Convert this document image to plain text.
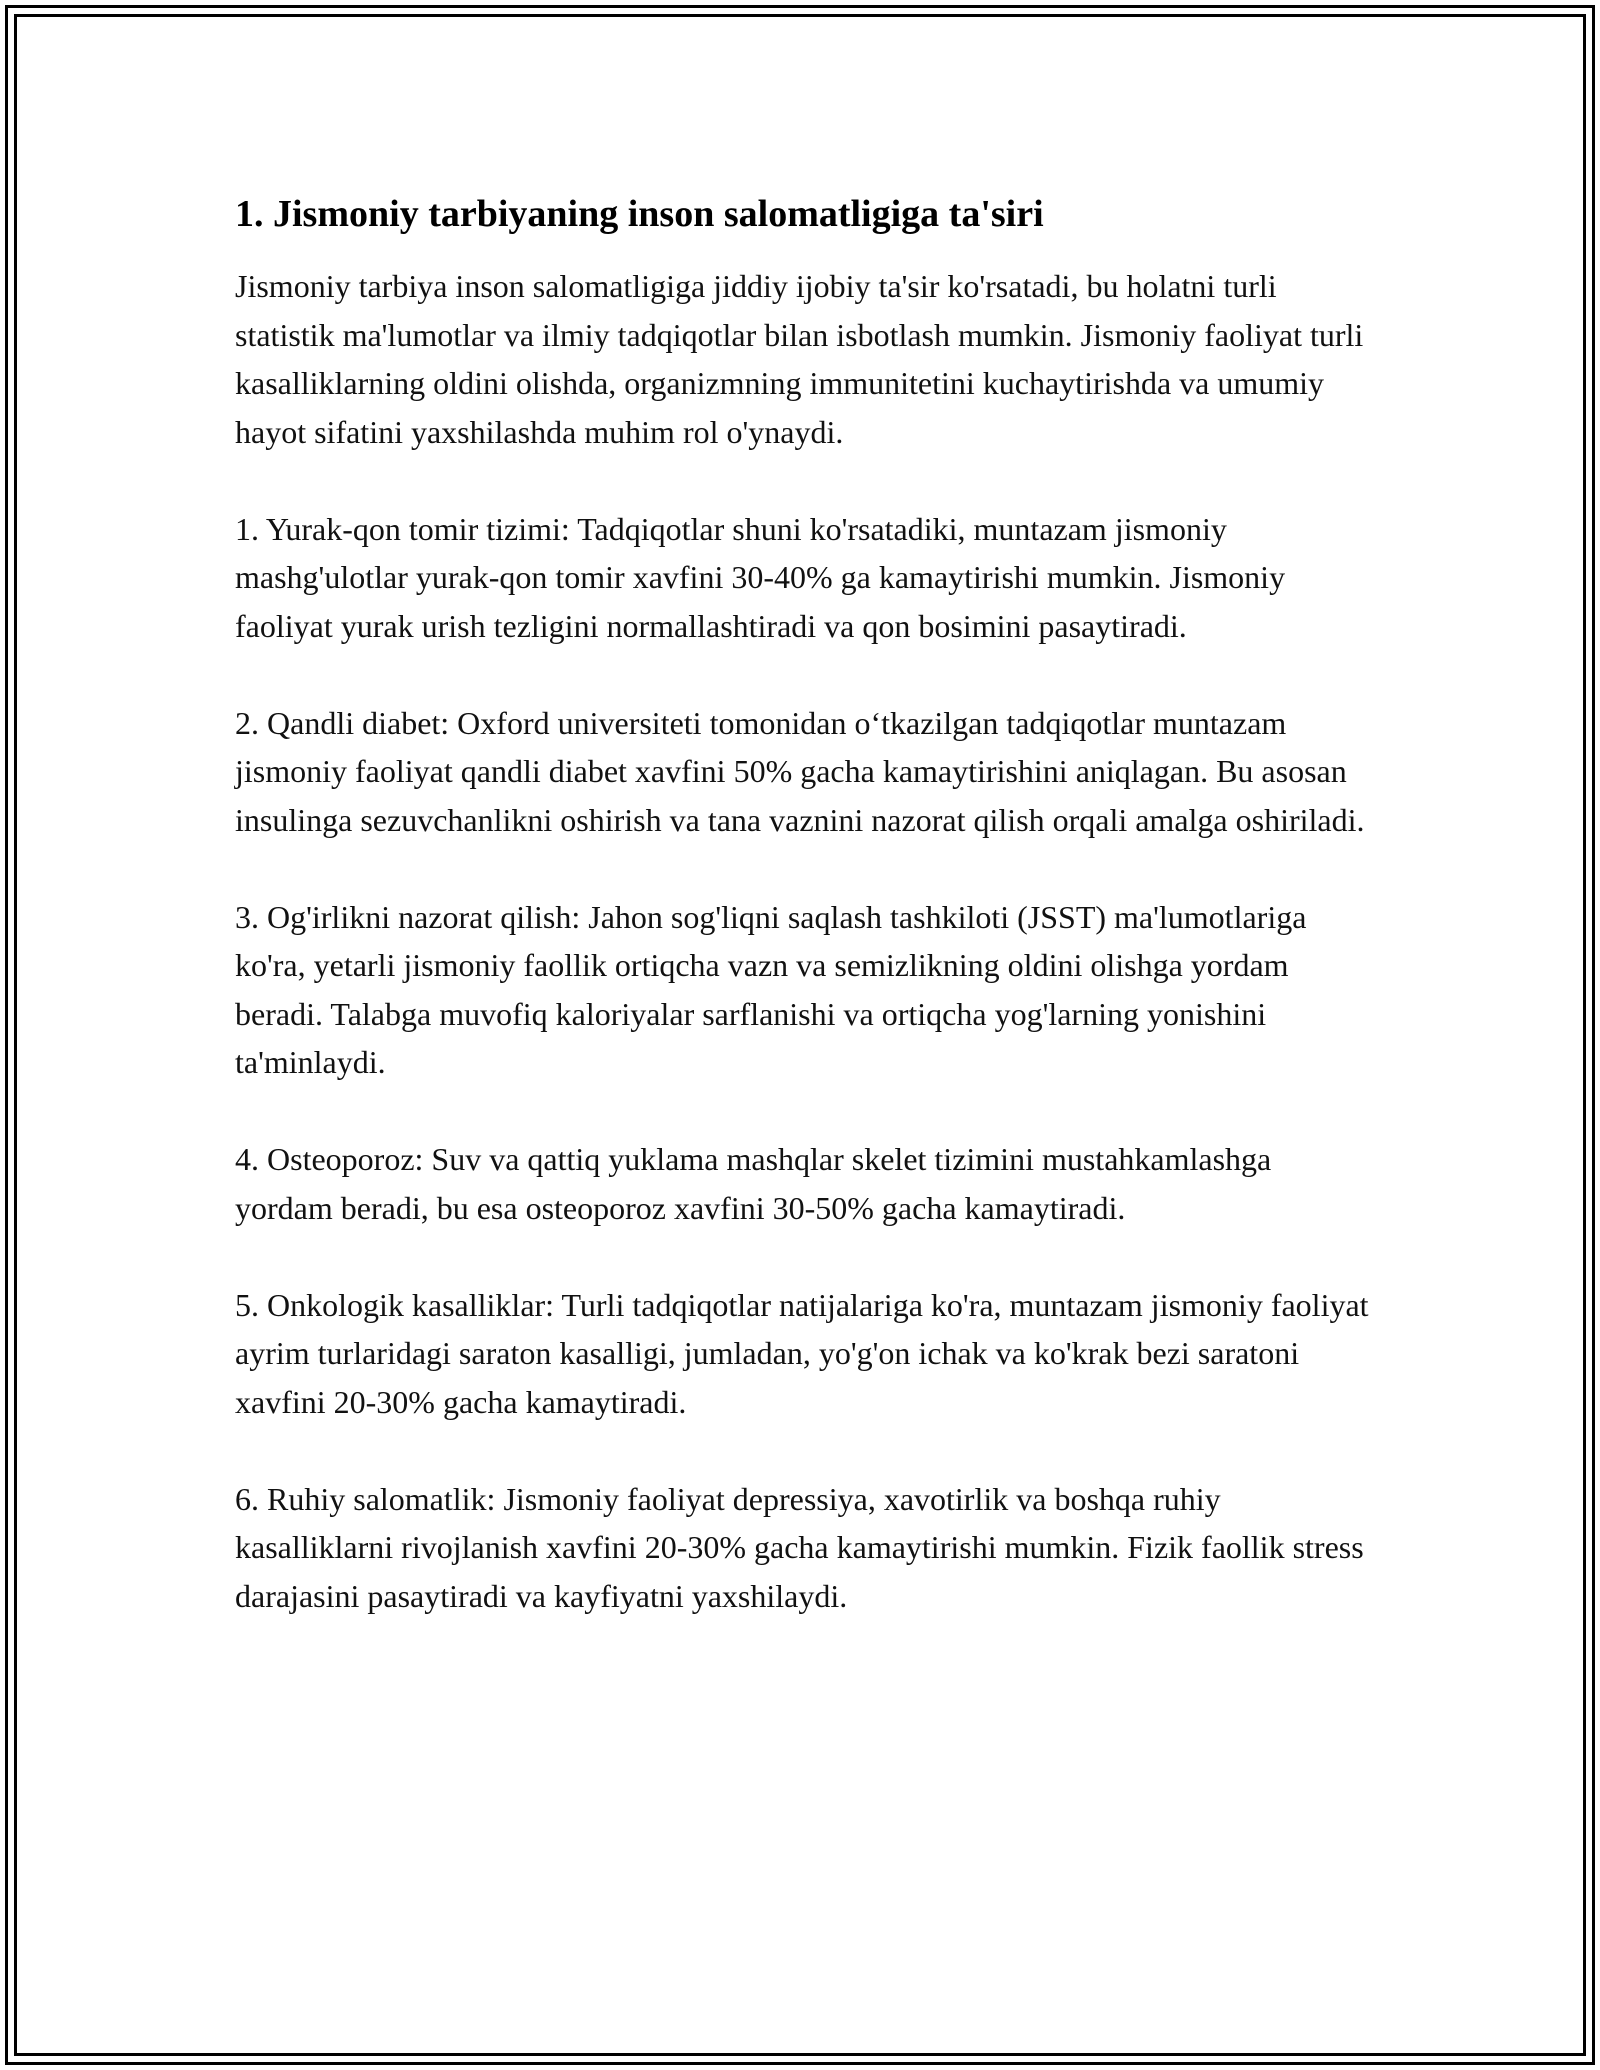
1. Jismoniy tarbiyaning inson salomatligiga ta'siri

Jismoniy tarbiya inson salomatligiga jiddiy ijobiy ta'sir ko'rsatadi, bu holatni turli statistik ma'lumotlar va ilmiy tadqiqotlar bilan isbotlash mumkin. Jismoniy faoliyat turli kasalliklarning oldini olishda, organizmning immunitetini kuchaytirishda va umumiy hayot sifatini yaxshilashda muhim rol o'ynaydi.

1. Yurak-qon tomir tizimi: Tadqiqotlar shuni ko'rsatadiki, muntazam jismoniy mashg'ulotlar yurak-qon tomir xavfini 30-40% ga kamaytirishi mumkin. Jismoniy faoliyat yurak urish tezligini normallashtiradi va qon bosimini pasaytiradi.

2. Qandli diabet: Oxford universiteti tomonidan o‘tkazilgan tadqiqotlar muntazam jismoniy faoliyat qandli diabet xavfini 50% gacha kamaytirishini aniqlagan. Bu asosan insulinga sezuvchanlikni oshirish va tana vaznini nazorat qilish orqali amalga oshiriladi.

3. Og'irlikni nazorat qilish: Jahon sog'liqni saqlash tashkiloti (JSST) ma'lumotlariga ko'ra, yetarli jismoniy faollik ortiqcha vazn va semizlikning oldini olishga yordam beradi. Talabga muvofiq kaloriyalar sarflanishi va ortiqcha yog'larning yonishini ta'minlaydi.

4. Osteoporoz: Suv va qattiq yuklama mashqlar skelet tizimini mustahkamlashga yordam beradi, bu esa osteoporoz xavfini 30-50% gacha kamaytiradi.

5. Onkologik kasalliklar: Turli tadqiqotlar natijalariga ko'ra, muntazam jismoniy faoliyat ayrim turlaridagi saraton kasalligi, jumladan, yo'g'on ichak va ko'krak bezi saratoni xavfini 20-30% gacha kamaytiradi.

6. Ruhiy salomatlik: Jismoniy faoliyat depressiya, xavotirlik va boshqa ruhiy kasalliklarni rivojlanish xavfini 20-30% gacha kamaytirishi mumkin. Fizik faollik stress darajasini pasaytiradi va kayfiyatni yaxshilaydi.
